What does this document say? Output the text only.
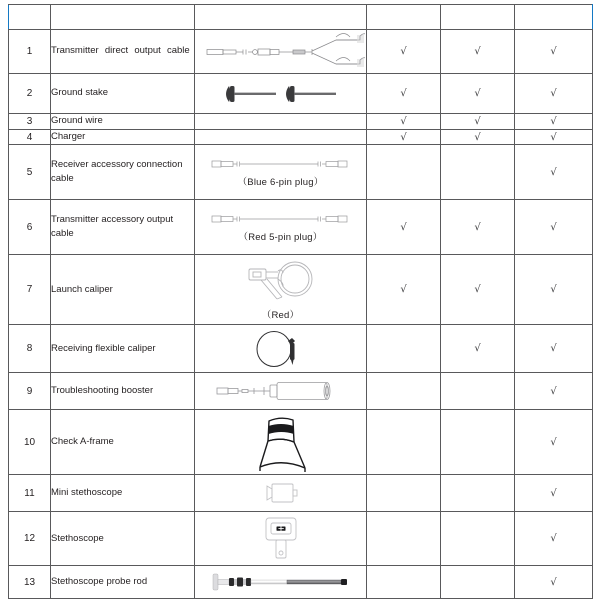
NO.	Name	Drawing And Description	ZXPD3000	ZXPD3001	ZXPD3002
1	Transmitter direct output cable		√	√	√
2	Ground stake		√	√	√
3	Ground wire		√	√	√
4	Charger		√	√	√
5	Receiver accessory connection cable	（Blue 6-pin plug）			√
6	Transmitter accessory output cable	（Red 5-pin plug）	√	√	√
7	Launch caliper	（Red）	√	√	√
8	Receiving flexible caliper			√	√
9	Troubleshooting booster				√
10	Check A-frame				√
11	Mini stethoscope				√
12	Stethoscope				√
13	Stethoscope probe rod				√
